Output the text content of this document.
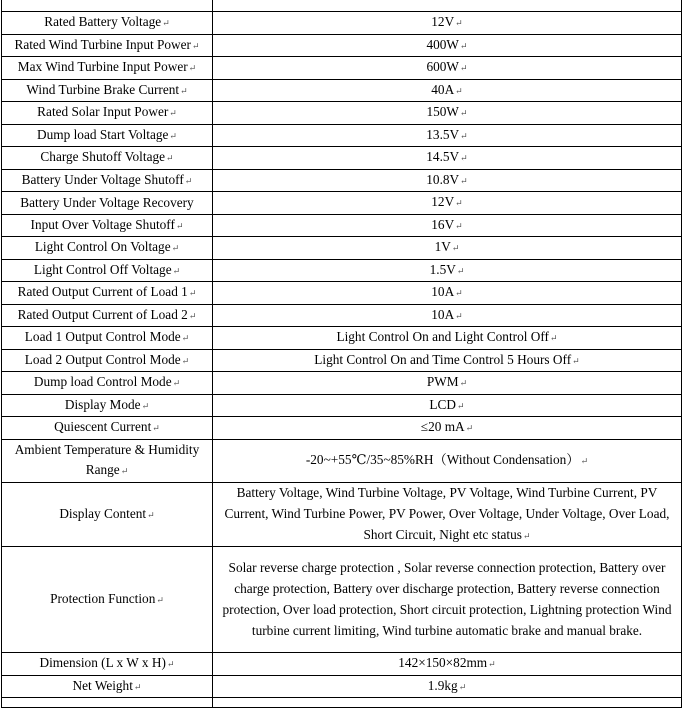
Rated Battery Voltage↵	12V↵
Rated Wind Turbine Input Power↵	400W↵
Max Wind Turbine Input Power↵	600W↵
Wind Turbine Brake Current↵	40A↵
Rated Solar Input Power↵	150W↵
Dump load Start Voltage↵	13.5V↵
Charge Shutoff Voltage↵	14.5V↵
Battery Under Voltage Shutoff↵	10.8V↵
Battery Under Voltage Recovery	12V↵
Input Over Voltage Shutoff↵	16V↵
Light Control On Voltage↵	1V↵
Light Control Off Voltage↵	1.5V↵
Rated Output Current of Load 1↵	10A↵
Rated Output Current of Load 2↵	10A↵
Load 1 Output Control Mode↵	Light Control On and Light Control Off↵
Load 2 Output Control Mode↵	Light Control On and Time Control 5 Hours Off↵
Dump load Control Mode↵	PWM↵
Display Mode↵	LCD↵
Quiescent Current↵	≤20 mA↵
Ambient Temperature & Humidity Range↵	-20~+55℃/35~85%RH（Without Condensation）↵
Display Content↵	Battery Voltage, Wind Turbine Voltage, PV Voltage, Wind Turbine Current, PV Current, Wind Turbine Power, PV Power, Over Voltage, Under Voltage, Over Load, Short Circuit, Night etc status↵
Protection Function↵	Solar reverse charge protection , Solar reverse connection protection, Battery over charge protection, Battery over discharge protection, Battery reverse connection protection, Over load protection, Short circuit protection, Lightning protection Wind turbine current limiting, Wind turbine automatic brake and manual brake.
Dimension (L x W x H)↵	142×150×82mm↵
Net Weight↵	1.9kg↵
